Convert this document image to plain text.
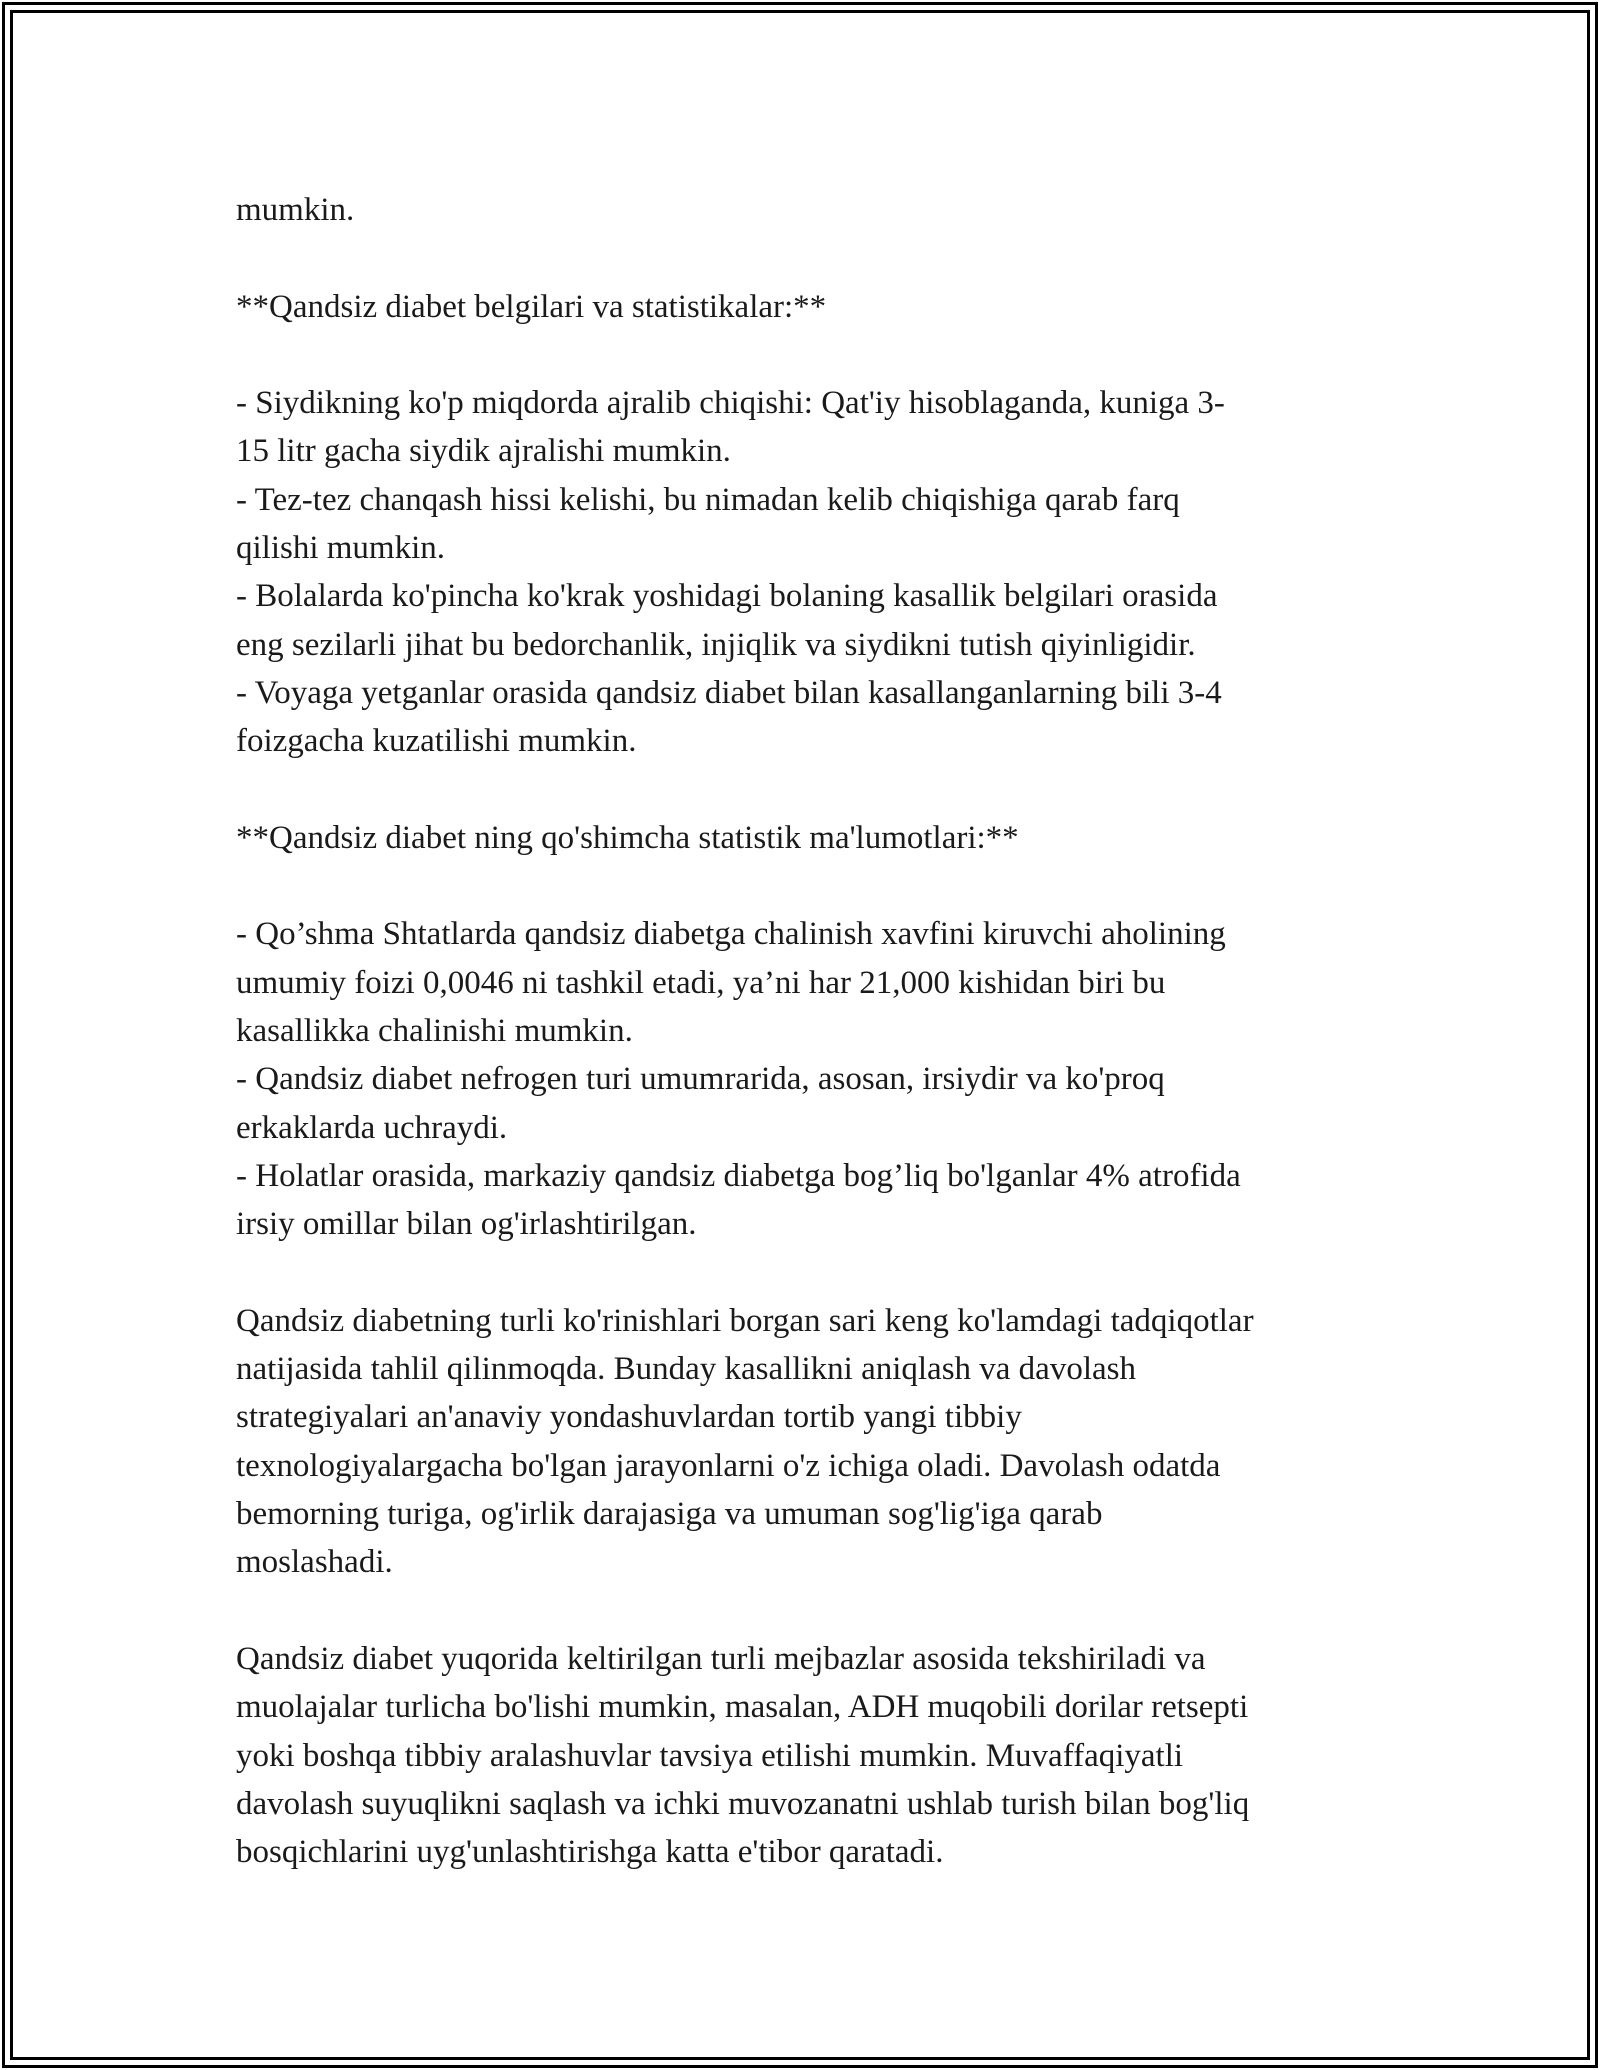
mumkin.

**Qandsiz diabet belgilari va statistikalar:**

- Siydikning ko'p miqdorda ajralib chiqishi: Qat'iy hisoblaganda, kuniga 3-

15 litr gacha siydik ajralishi mumkin.

- Tez-tez chanqash hissi kelishi, bu nimadan kelib chiqishiga qarab farq

qilishi mumkin.

- Bolalarda ko'pincha ko'krak yoshidagi bolaning kasallik belgilari orasida

eng sezilarli jihat bu bedorchanlik, injiqlik va siydikni tutish qiyinligidir.

- Voyaga yetganlar orasida qandsiz diabet bilan kasallanganlarning bili 3-4

foizgacha kuzatilishi mumkin.

**Qandsiz diabet ning qo'shimcha statistik ma'lumotlari:**

- Qo’shma Shtatlarda qandsiz diabetga chalinish xavfini kiruvchi aholining

umumiy foizi 0,0046 ni tashkil etadi, ya’ni har 21,000 kishidan biri bu

kasallikka chalinishi mumkin.

- Qandsiz diabet nefrogen turi umumrarida, asosan, irsiydir va ko'proq

erkaklarda uchraydi.

- Holatlar orasida, markaziy qandsiz diabetga bog’liq bo'lganlar 4% atrofida

irsiy omillar bilan og'irlashtirilgan.

Qandsiz diabetning turli ko'rinishlari borgan sari keng ko'lamdagi tadqiqotlar

natijasida tahlil qilinmoqda. Bunday kasallikni aniqlash va davolash

strategiyalari an'anaviy yondashuvlardan tortib yangi tibbiy

texnologiyalargacha bo'lgan jarayonlarni o'z ichiga oladi. Davolash odatda

bemorning turiga, og'irlik darajasiga va umuman sog'lig'iga qarab

moslashadi.

Qandsiz diabet yuqorida keltirilgan turli mejbazlar asosida tekshiriladi va

muolajalar turlicha bo'lishi mumkin, masalan, ADH muqobili dorilar retsepti

yoki boshqa tibbiy aralashuvlar tavsiya etilishi mumkin. Muvaffaqiyatli

davolash suyuqlikni saqlash va ichki muvozanatni ushlab turish bilan bog'liq

bosqichlarini uyg'unlashtirishga katta e'tibor qaratadi.
